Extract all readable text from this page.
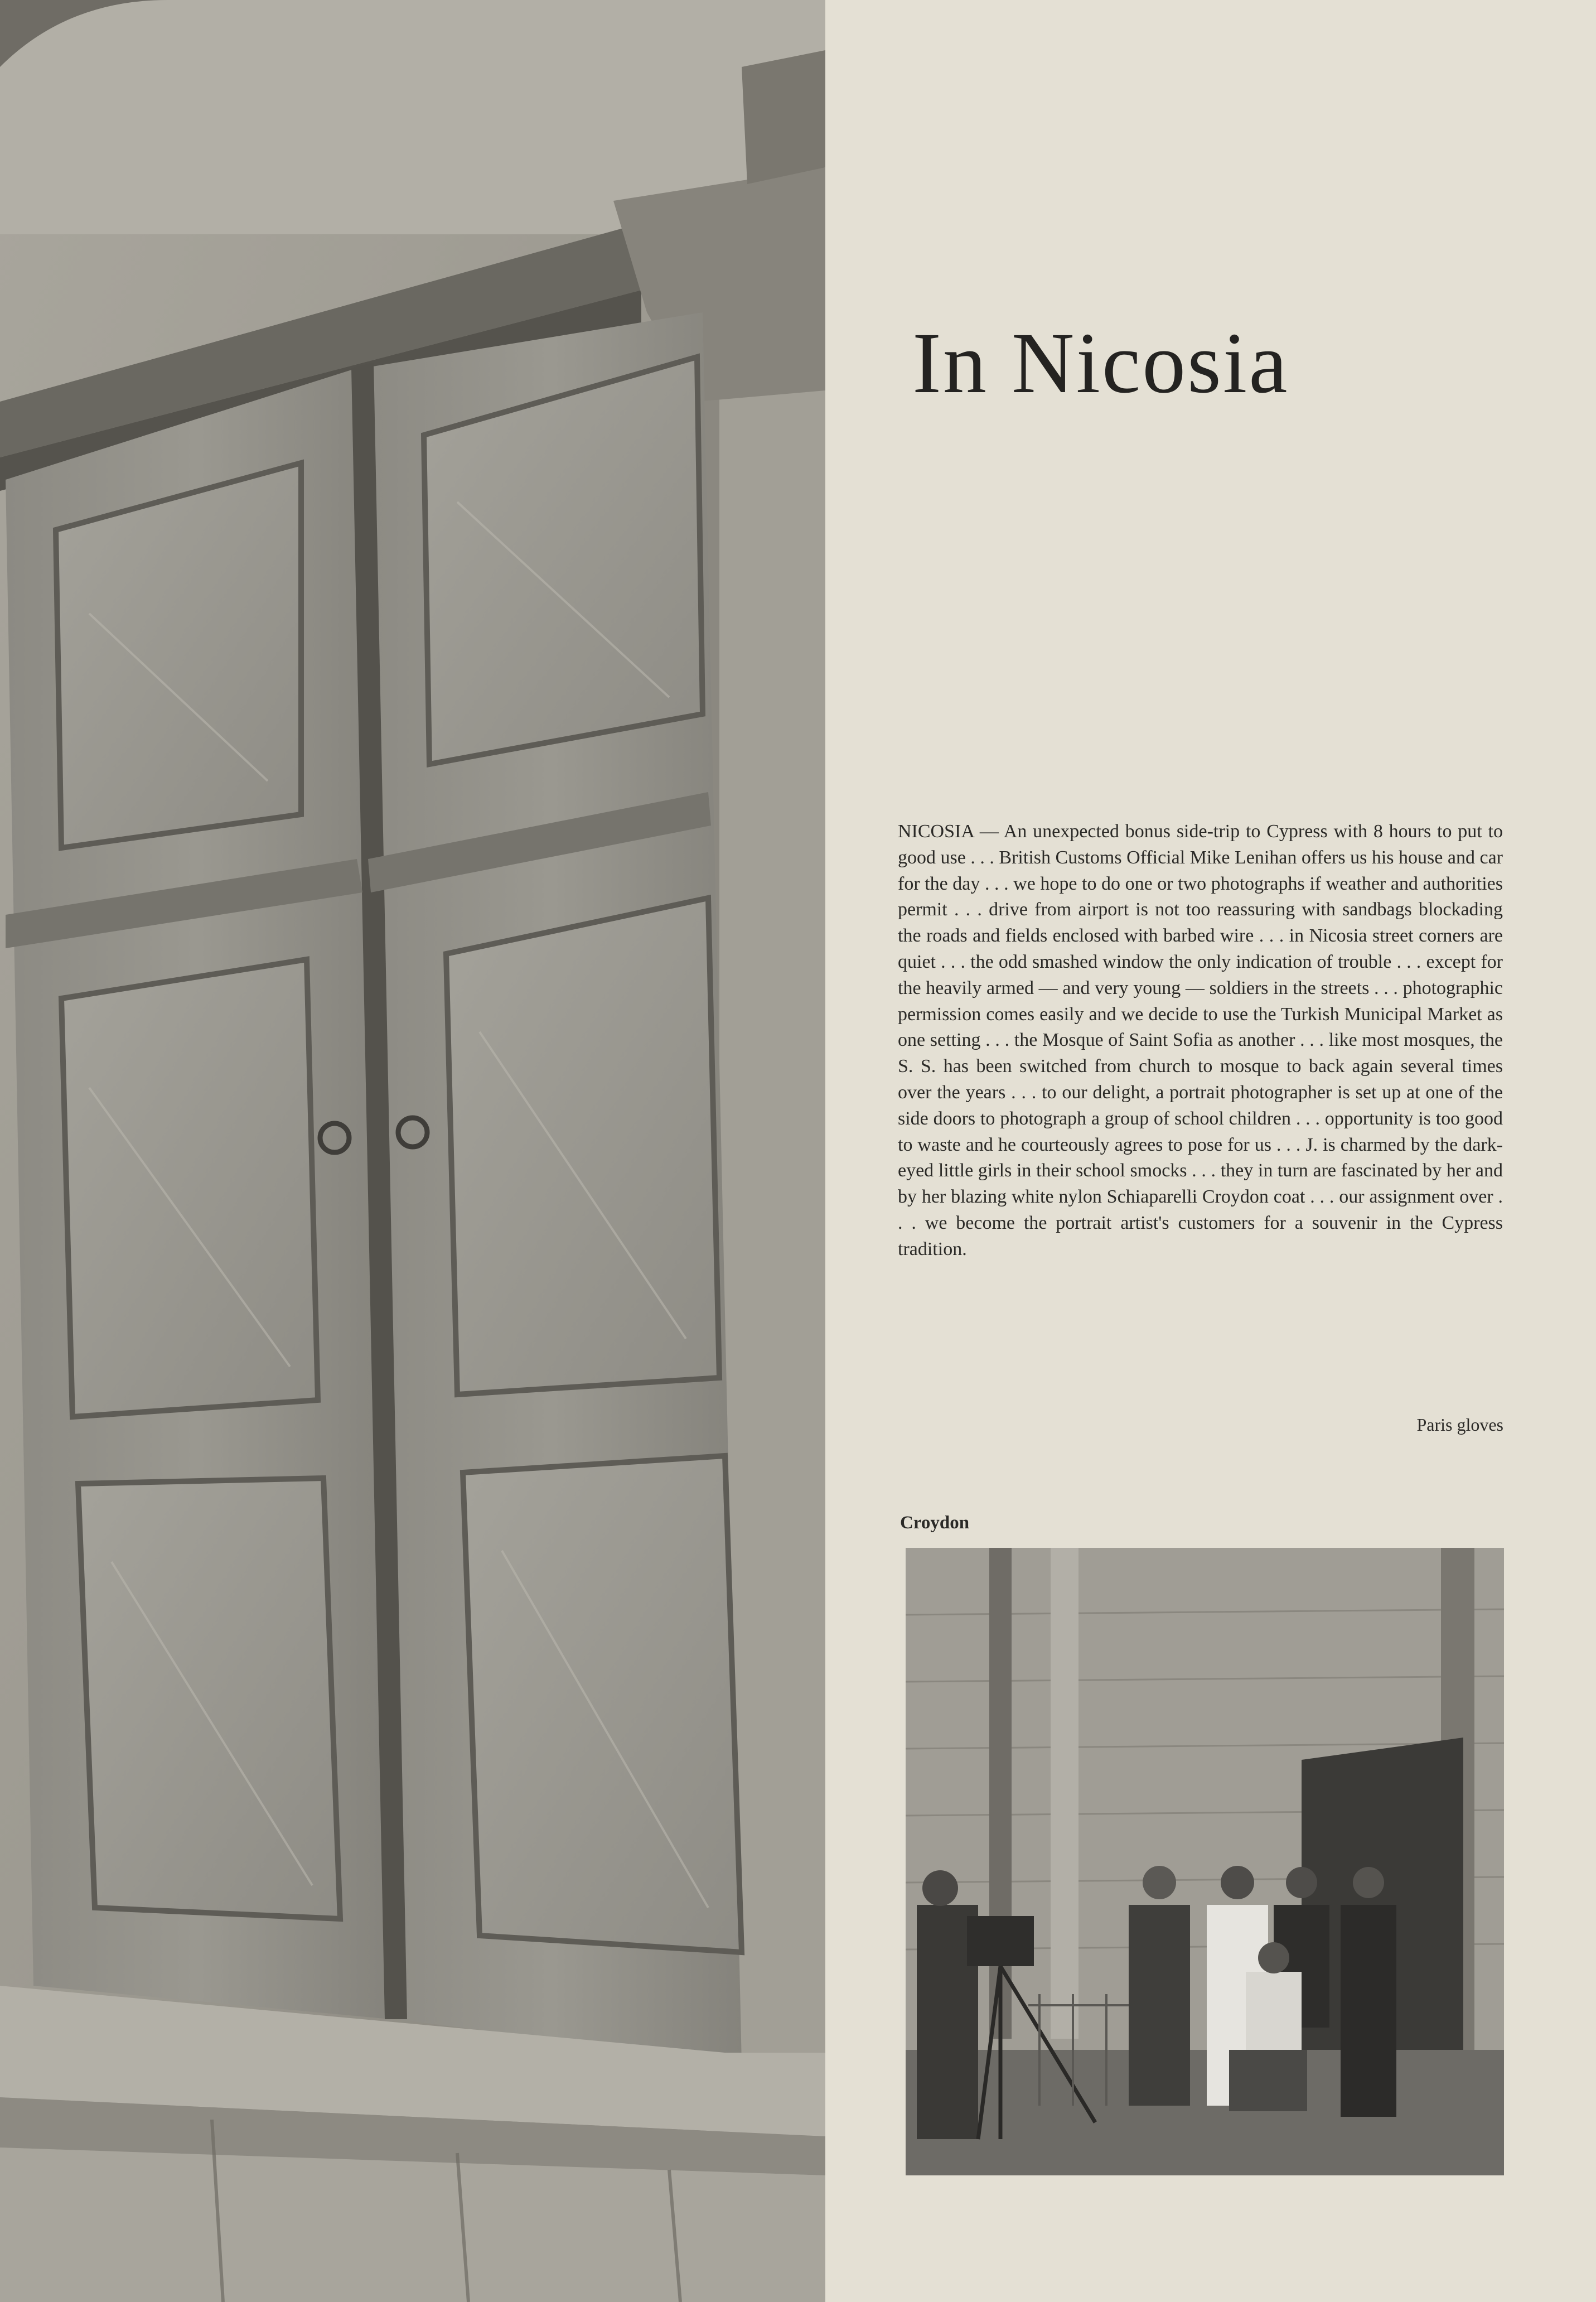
In Nicosia

NICOSIA — An unexpected bonus side-trip to Cypress with 8 hours to put to good use . . . British Customs Official Mike Lenihan offers us his house and car for the day . . . we hope to do one or two photographs if weather and authorities permit . . . drive from airport is not too reassuring with sandbags blockading the roads and fields enclosed with barbed wire . . . in Nicosia street corners are quiet . . . the odd smashed window the only indication of trouble . . . except for the heavily armed — and very young — soldiers in the streets . . . photographic permission comes easily and we decide to use the Turkish Municipal Market as one setting . . . the Mosque of Saint Sofia as another . . . like most mosques, the S. S. has been switched from church to mosque to back again several times over the years . . . to our delight, a portrait photographer is set up at one of the side doors to photograph a group of school children . . . opportunity is too good to waste and he courteously agrees to pose for us . . . J. is charmed by the dark-eyed little girls in their school smocks . . . they in turn are fascinated by her and by her blazing white nylon Schiaparelli Croydon coat . . . our assignment over . . . we become the portrait artist's customers for a souvenir in the Cypress tradition.

Paris gloves
Croydon
